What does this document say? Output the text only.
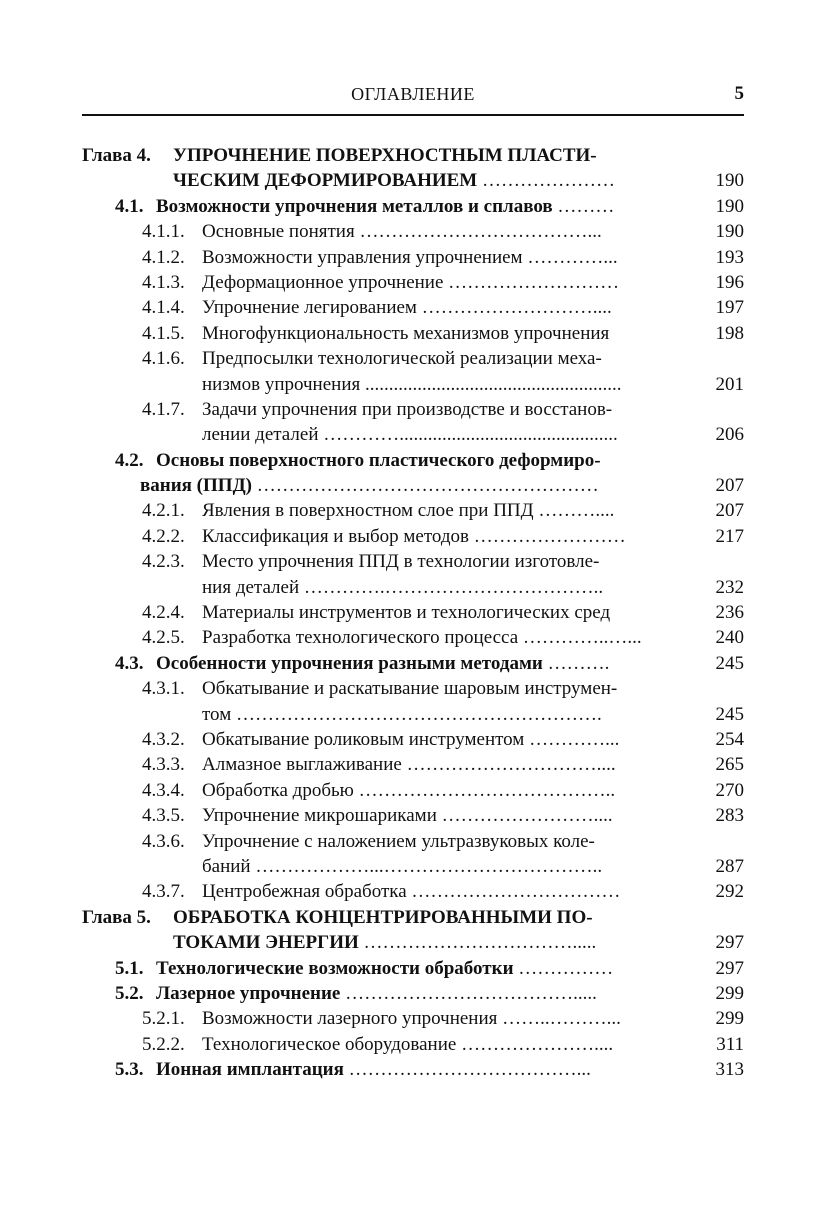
ОГЛАВЛЕНИЕ	5
Глава 4. УПРОЧНЕНИЕ ПОВЕРХНОСТНЫМ ПЛАСТИ-
ЧЕСКИМ ДЕФОРМИРОВАНИЕМ …………………	190
4.1. Возможности упрочнения металлов и сплавов ………	190
4.1.1. Основные понятия ………………………………...	190
4.1.2. Возможности управления упрочнением …………...	193
4.1.3. Деформационное упрочнение ………………………	196
4.1.4. Упрочнение легированием ………………………....	197
4.1.5. Многофункциональность механизмов упрочнения	198
4.1.6. Предпосылки технологической реализации меха-
низмов упрочнения ......................................................	201
4.1.7. Задачи упрочнения при производстве и восстанов-
лении деталей …………..............................................	206
4.2. Основы поверхностного пластического деформиро-
вания (ППД) ………………………………………………	207
4.2.1. Явления в поверхностном слое при ППД ………....	207
4.2.2. Классификация и выбор методов ……………………	217
4.2.3. Место упрочнения ППД в технологии изготовле-
ния деталей ………….……………………………..	232
4.2.4. Материалы инструментов и технологических сред	236
4.2.5. Разработка технологического процесса …………..…...	240
4.3. Особенности упрочнения разными методами ……….	245
4.3.1. Обкатывание и раскатывание шаровым инструмен-
том ………………………………………………….	245
4.3.2. Обкатывание роликовым инструментом …………...	254
4.3.3. Алмазное выглаживание …………………………....	265
4.3.4. Обработка дробью …………………………………..	270
4.3.5. Упрочнение микрошариками ……………………....	283
4.3.6. Упрочнение с наложением ультразвуковых коле-
баний ………………...……………………………..	287
4.3.7. Центробежная обработка ……………………………	292
Глава 5. ОБРАБОТКА КОНЦЕНТРИРОВАННЫМИ ПО-
ТОКАМИ ЭНЕРГИИ …………………………….....	297
5.1. Технологические возможности обработки ……………	297
5.2. Лазерное упрочнение ……………………………….....	299
5.2.1. Возможности лазерного упрочнения ……..………...	299
5.2.2. Технологическое оборудование …………………....	311
5.3. Ионная имплантация ………………………………...	313
